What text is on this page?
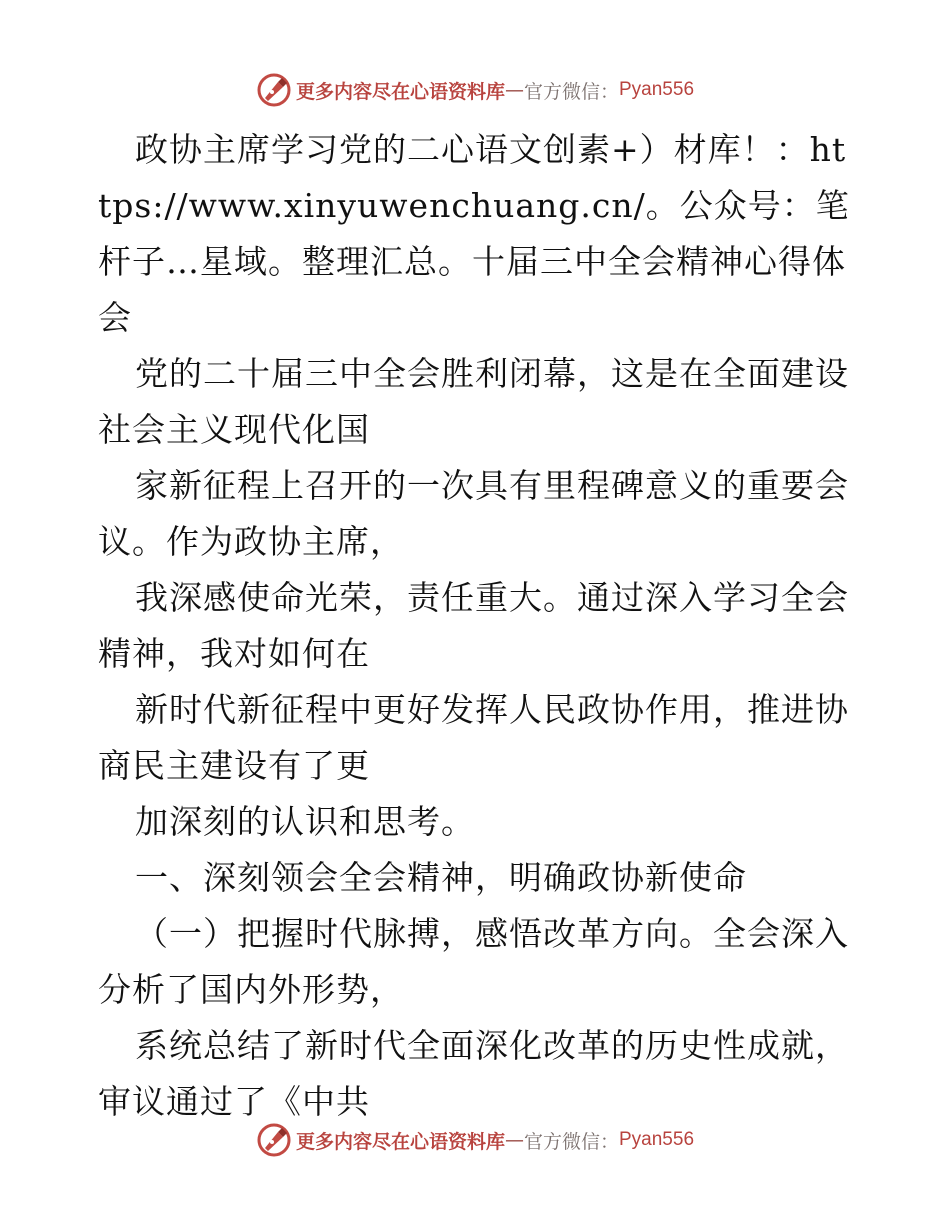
更多内容尽在心语资料库 — 官方微信： Pyan556

政协主席学习党的二心语文创素+）材库！：https://www.xinyuwenchuang.cn/。公众号：笔杆子…星域。整理汇总。十届三中全会精神心得体会

党的二十届三中全会胜利闭幕，这是在全面建设社会主义现代化国

家新征程上召开的一次具有里程碑意义的重要会议。作为政协主席，

我深感使命光荣，责任重大。通过深入学习全会精神，我对如何在

新时代新征程中更好发挥人民政协作用，推进协商民主建设有了更

加深刻的认识和思考。

一、深刻领会全会精神，明确政协新使命

（一）把握时代脉搏，感悟改革方向。全会深入分析了国内外形势，

系统总结了新时代全面深化改革的历史性成就，审议通过了《中共

更多内容尽在心语资料库 — 官方微信： Pyan556
